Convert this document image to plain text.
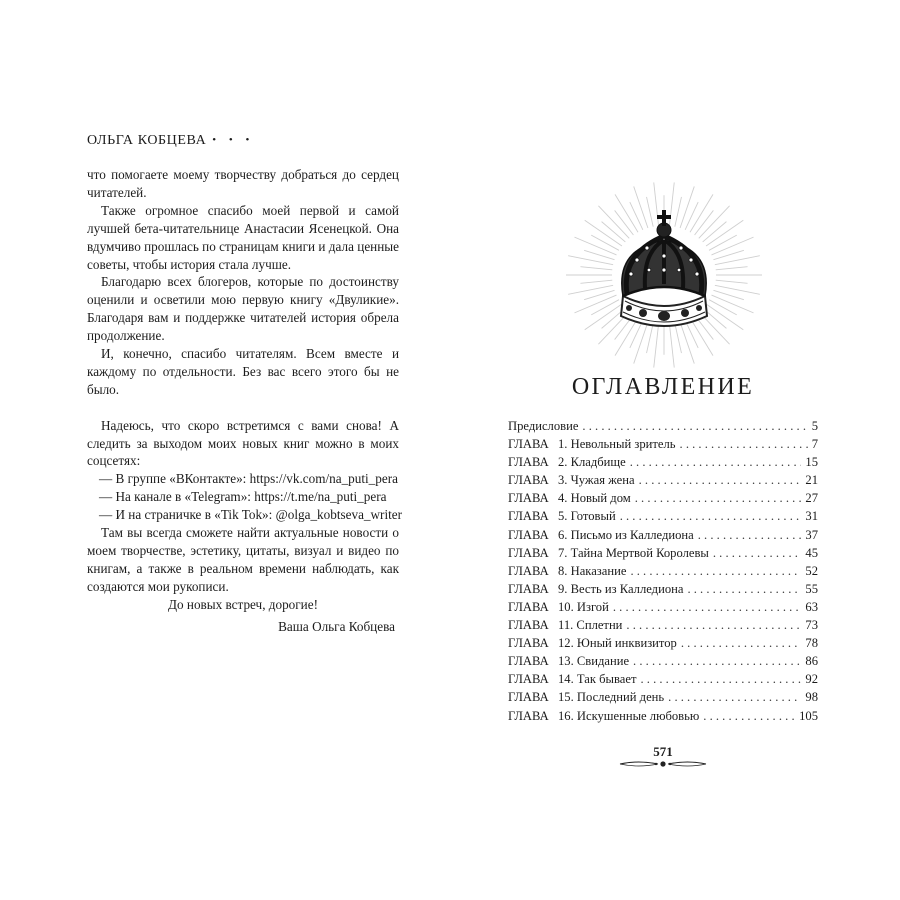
ОЛЬГА КОБЦЕВА • • •

что помогаете моему творчеству добраться до сердец читателей.

Также огромное спасибо моей первой и самой лучшей бета-читательнице Анастасии Ясенецкой. Она вдумчиво прошлась по страницам книги и дала ценные советы, чтобы история стала лучше.

Благодарю всех блогеров, которые по достоинству оценили и осветили мою первую книгу «Двуликие». Благодаря вам и поддержке читателей история обрела продолжение.

И, конечно, спасибо читателям. Всем вместе и каждому по отдельности. Без вас всего этого бы не было.

Надеюсь, что скоро встретимся с вами снова! А следить за выходом моих новых книг можно в моих соцсетях:

— В группе «ВКонтакте»: https://vk.com/na_puti_pera

— На канале в «Telegram»: https://t.me/na_puti_pera

— И на страничке в «Tik Tok»: @olga_kobtseva_writer

Там вы всегда сможете найти актуальные новости о моем творчестве, эстетику, цитаты, визуал и видео по книгам, а также в реальном времени наблюдать, как создаются мои рукописи.

До новых встреч, дорогие!

Ваша Ольга Кобцева

ОГЛАВЛЕНИЕ
Предисловие . . .	5
ГЛАВА 1. Невольный зритель . . .	7
ГЛАВА 2. Кладбище . . .	15
ГЛАВА 3. Чужая жена . . .	21
ГЛАВА 4. Новый дом . . .	27
ГЛАВА 5. Готовый . . .	31
ГЛАВА 6. Письмо из Калледиона . . .	37
ГЛАВА 7. Тайна Мертвой Королевы . . .	45
ГЛАВА 8. Наказание . . .	52
ГЛАВА 9. Весть из Калледиона . . .	55
ГЛАВА 10. Изгой . . .	63
ГЛАВА 11. Сплетни . . .	73
ГЛАВА 12. Юный инквизитор . . .	78
ГЛАВА 13. Свидание . . .	86
ГЛАВА 14. Так бывает . . .	92
ГЛАВА 15. Последний день . . .	98
ГЛАВА 16. Искушенные любовью . . .	105
571
